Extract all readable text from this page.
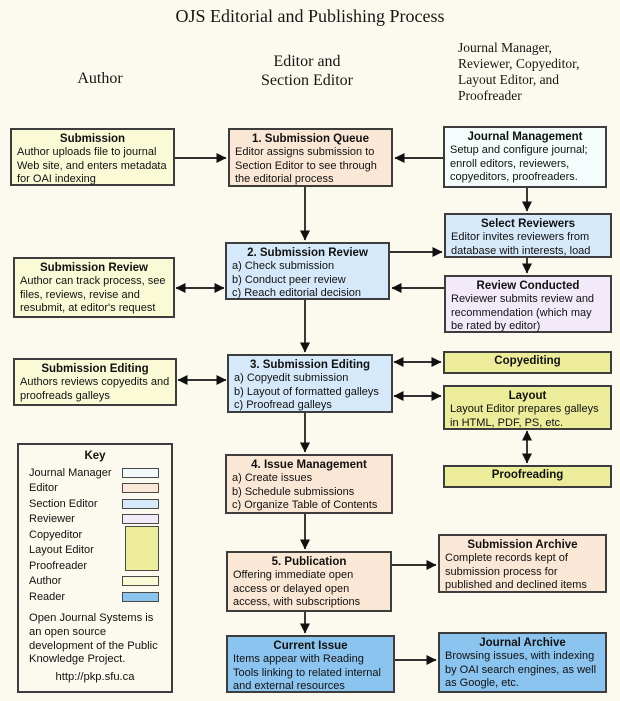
OJS Editorial and Publishing Process
Author
Editor and Section Editor
Journal Manager, Reviewer, Copyeditor, Layout Editor, and Proofreader
Submission
Author uploads file to journal Web site, and enters metadata for OAI indexing
Submission Review
Author can track process, see files, reviews, revise and resubmit, at editor's request
Submission Editing
Authors reviews copyedits and proofreads galleys
1. Submission Queue
Editor assigns submission to Section Editor to see through the editorial process
2. Submission Review
a) Check submission
b) Conduct peer review
c) Reach editorial decision
3. Submission Editing
a) Copyedit submission
b) Layout of formatted galleys
c) Proofread galleys
4. Issue Management
a) Create issues
b) Schedule submissions
c) Organize Table of Contents
5. Publication
Offering immediate open access or delayed open access, with subscriptions
Current Issue
Items appear with Reading Tools linking to related internal and external resources
Journal Management
Setup and configure journal; enroll editors, reviewers, copyeditors, proofreaders.
Select Reviewers
Editor invites reviewers from database with interests, load
Review Conducted
Reviewer submits review and recommendation (which may be rated by editor)
Copyediting
Layout
Layout Editor prepares galleys in HTML, PDF, PS, etc.
Proofreading
Submission Archive
Complete records kept of submission process for published and declined items
Journal Archive
Browsing issues, with indexing by OAI search engines, as well as Google, etc.
Key
Journal Manager
Editor
Section Editor
Reviewer
Copyeditor
Layout Editor
Proofreader
Author
Reader
Open Journal Systems is an open source development of the Public Knowledge Project.
http://pkp.sfu.ca
